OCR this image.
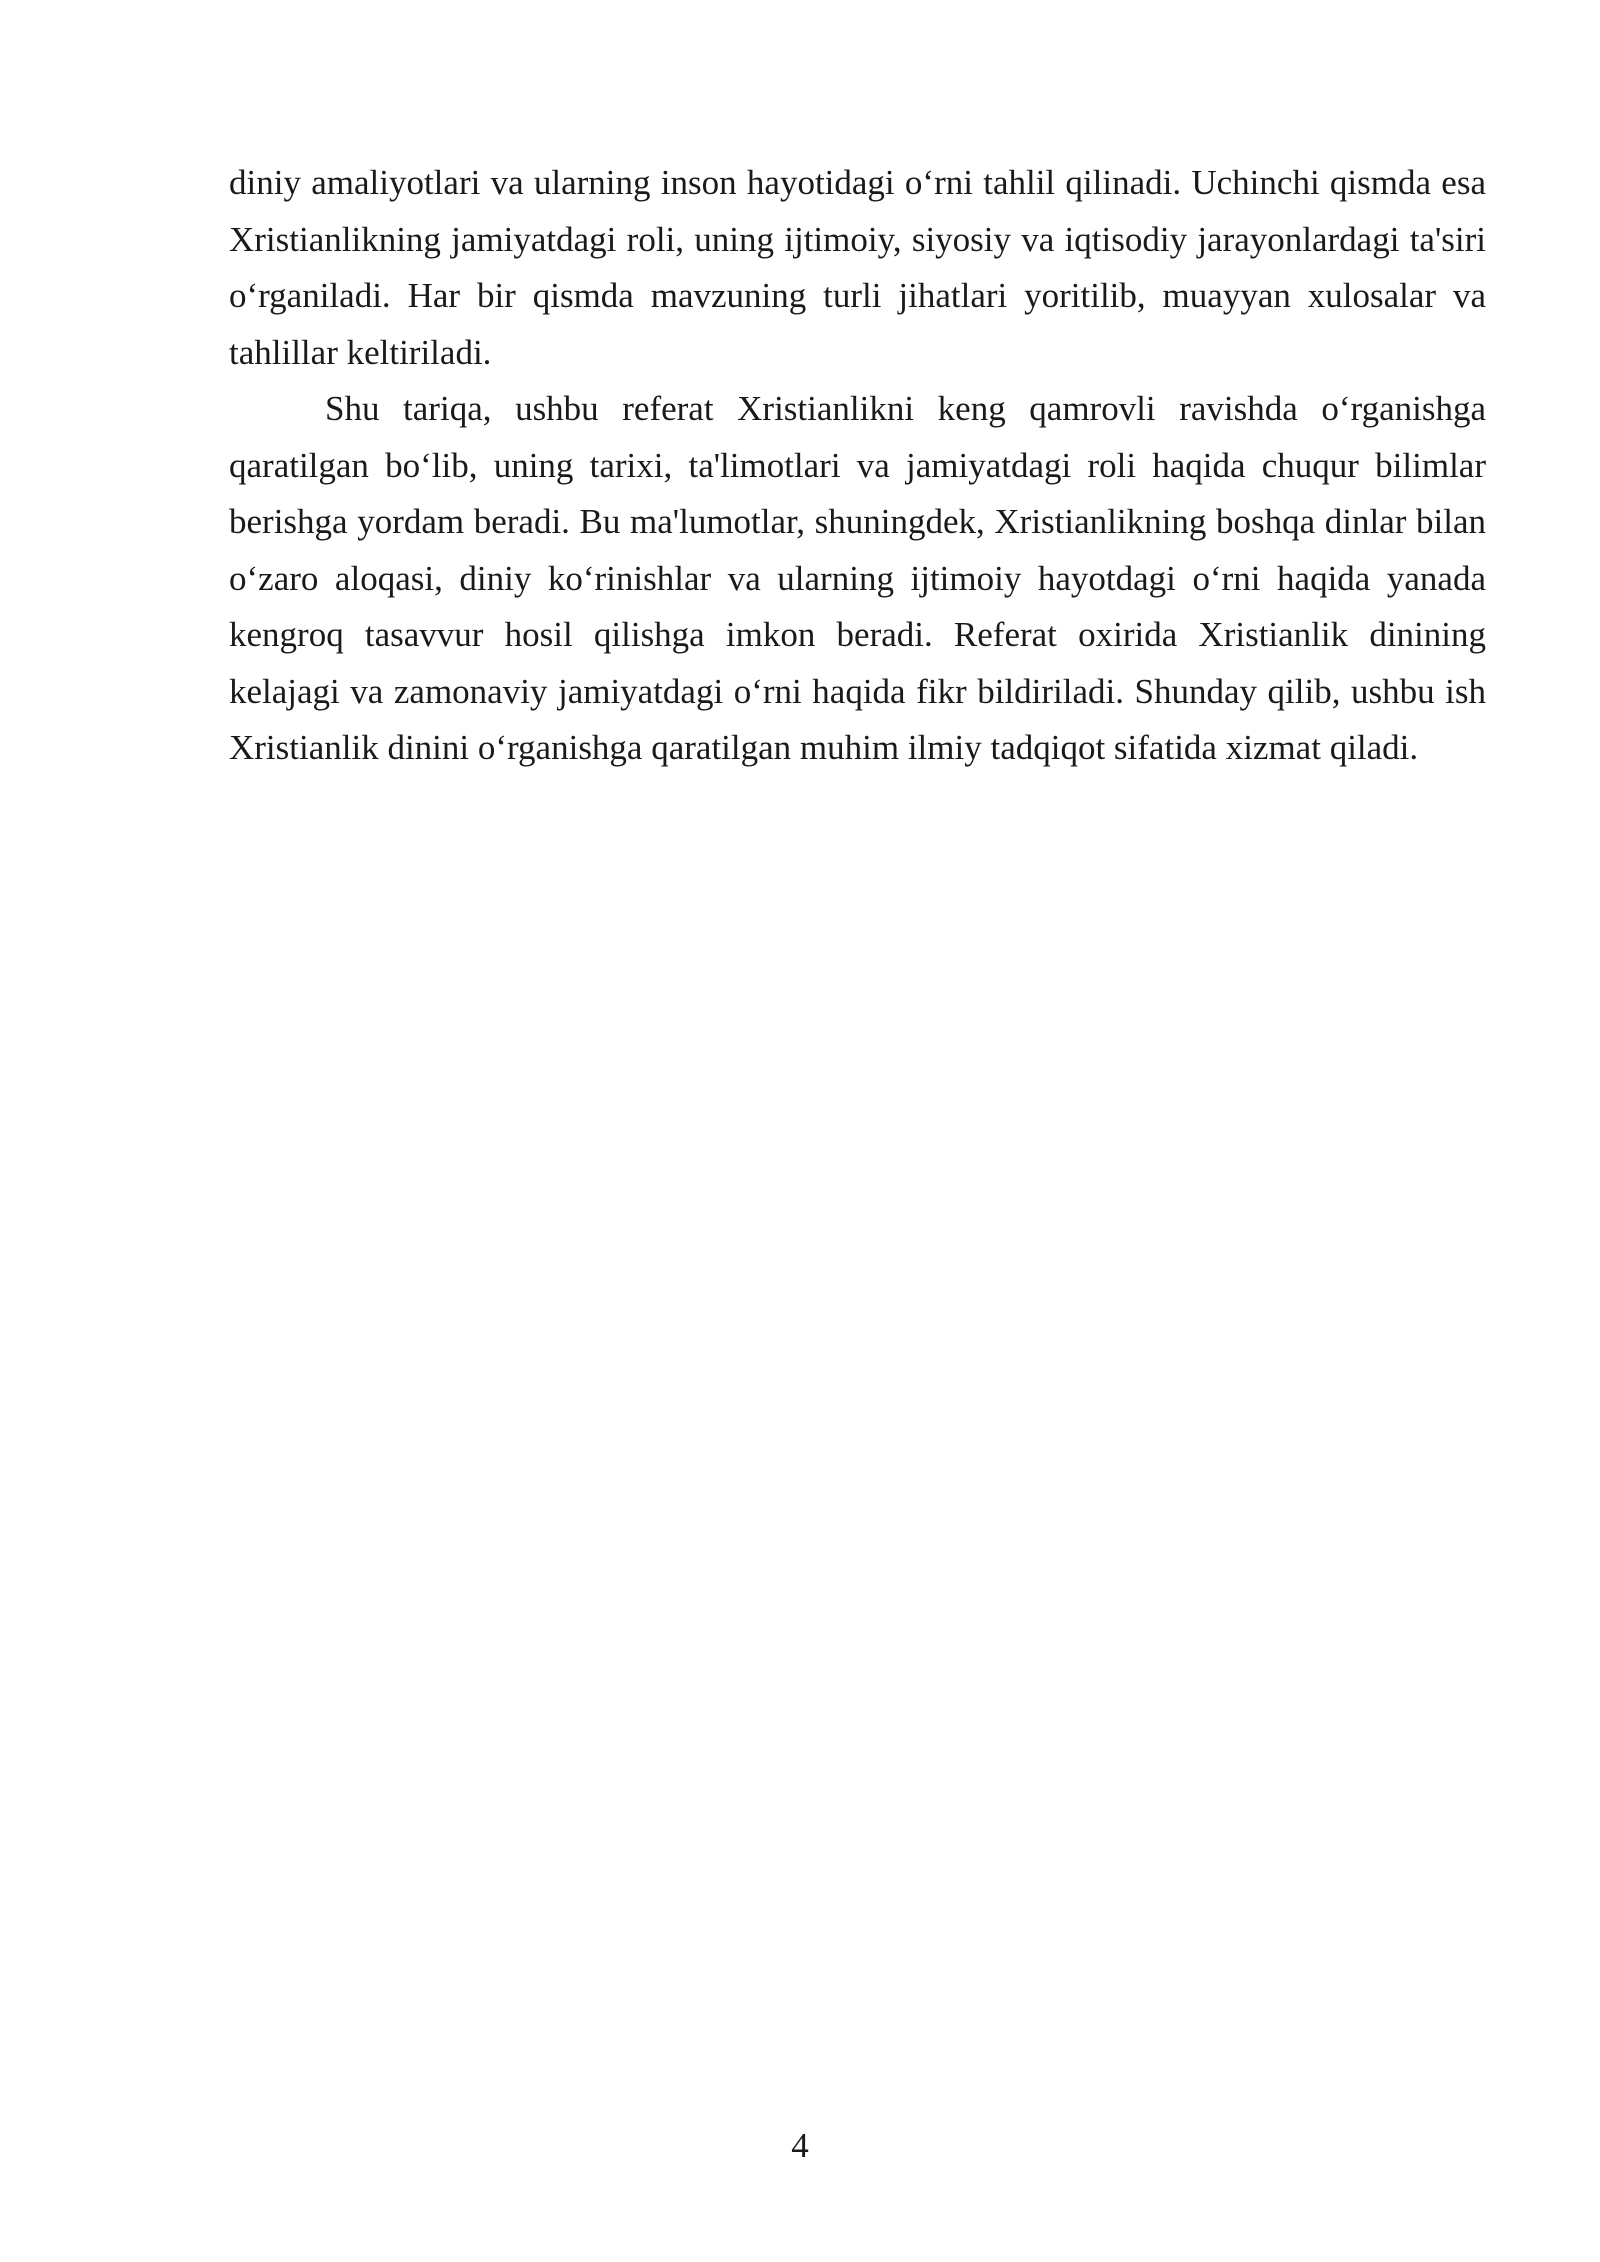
diniy amaliyotlari va ularning inson hayotidagi o‘rni tahlil qilinadi. Uchinchi qismda esa Xristianlikning jamiyatdagi roli, uning ijtimoiy, siyosiy va iqtisodiy jarayonlardagi ta'siri o‘rganiladi. Har bir qismda mavzuning turli jihatlari yoritilib, muayyan xulosalar va tahlillar keltiriladi.

Shu tariqa, ushbu referat Xristianlikni keng qamrovli ravishda o‘rganishga qaratilgan bo‘lib, uning tarixi, ta'limotlari va jamiyatdagi roli haqida chuqur bilimlar berishga yordam beradi. Bu ma'lumotlar, shuningdek, Xristianlikning boshqa dinlar bilan o‘zaro aloqasi, diniy ko‘rinishlar va ularning ijtimoiy hayotdagi o‘rni haqida yanada kengroq tasavvur hosil qilishga imkon beradi. Referat oxirida Xristianlik dinining kelajagi va zamonaviy jamiyatdagi o‘rni haqida fikr bildiriladi. Shunday qilib, ushbu ish Xristianlik dinini o‘rganishga qaratilgan muhim ilmiy tadqiqot sifatida xizmat qiladi.

4
